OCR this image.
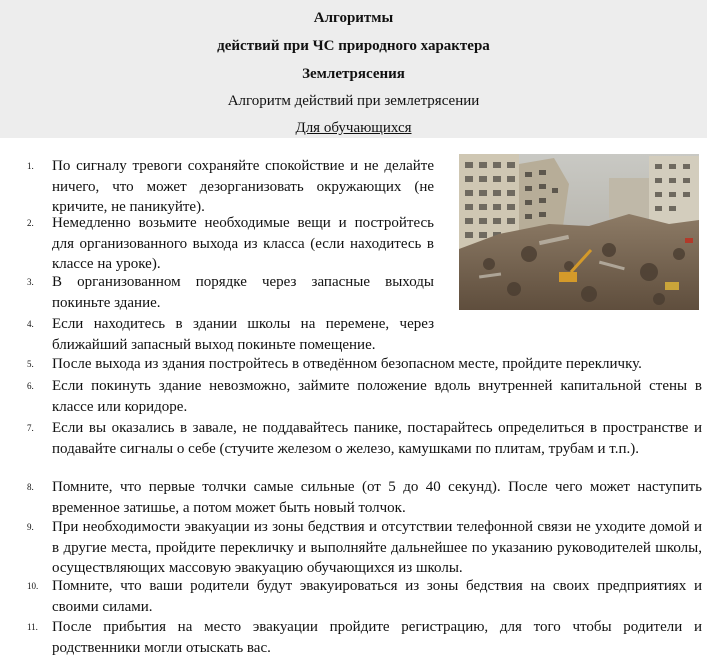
Алгоритмы
действий при ЧС природного характера
Землетрясения
Алгоритм действий при землетрясении
Для обучающихся
1. По сигналу тревоги сохраняйте спокойствие и не делайте ничего, что может дезорганизовать окружающих (не кричите, не паникуйте).
2. Немедленно возьмите необходимые вещи и постройтесь для организованного выхода из класса (если находитесь в классе на уроке).
3. В организованном порядке через запасные выходы покиньте здание.
4. Если находитесь в здании школы на перемене, через ближайший запасный выход покиньте помещение.
5. После выхода из здания постройтесь в отведённом безопасном месте, пройдите перекличку.
6. Если покинуть здание невозможно, займите положение вдоль внутренней капитальной стены в классе или коридоре.
7. Если вы оказались в завале, не поддавайтесь панике, постарайтесь определиться в пространстве и подавайте сигналы о себе (стучите железом о железо, камушками по плитам, трубам и т.п.).
8. Помните, что первые толчки самые сильные (от 5 до 40 секунд). После чего может наступить временное затишье, а потом может быть новый толчок.
9. При необходимости эвакуации из зоны бедствия и отсутствии телефонной связи не уходите домой и в другие места, пройдите перекличку и выполняйте дальнейшее по указанию руководителей школы, осуществляющих массовую эвакуацию обучающихся из школы.
10. Помните, что ваши родители будут эвакуироваться из зоны бедствия на своих предприятиях и своими силами.
11. После прибытия на место эвакуации пройдите регистрацию, для того чтобы родители и родственники могли отыскать вас.
